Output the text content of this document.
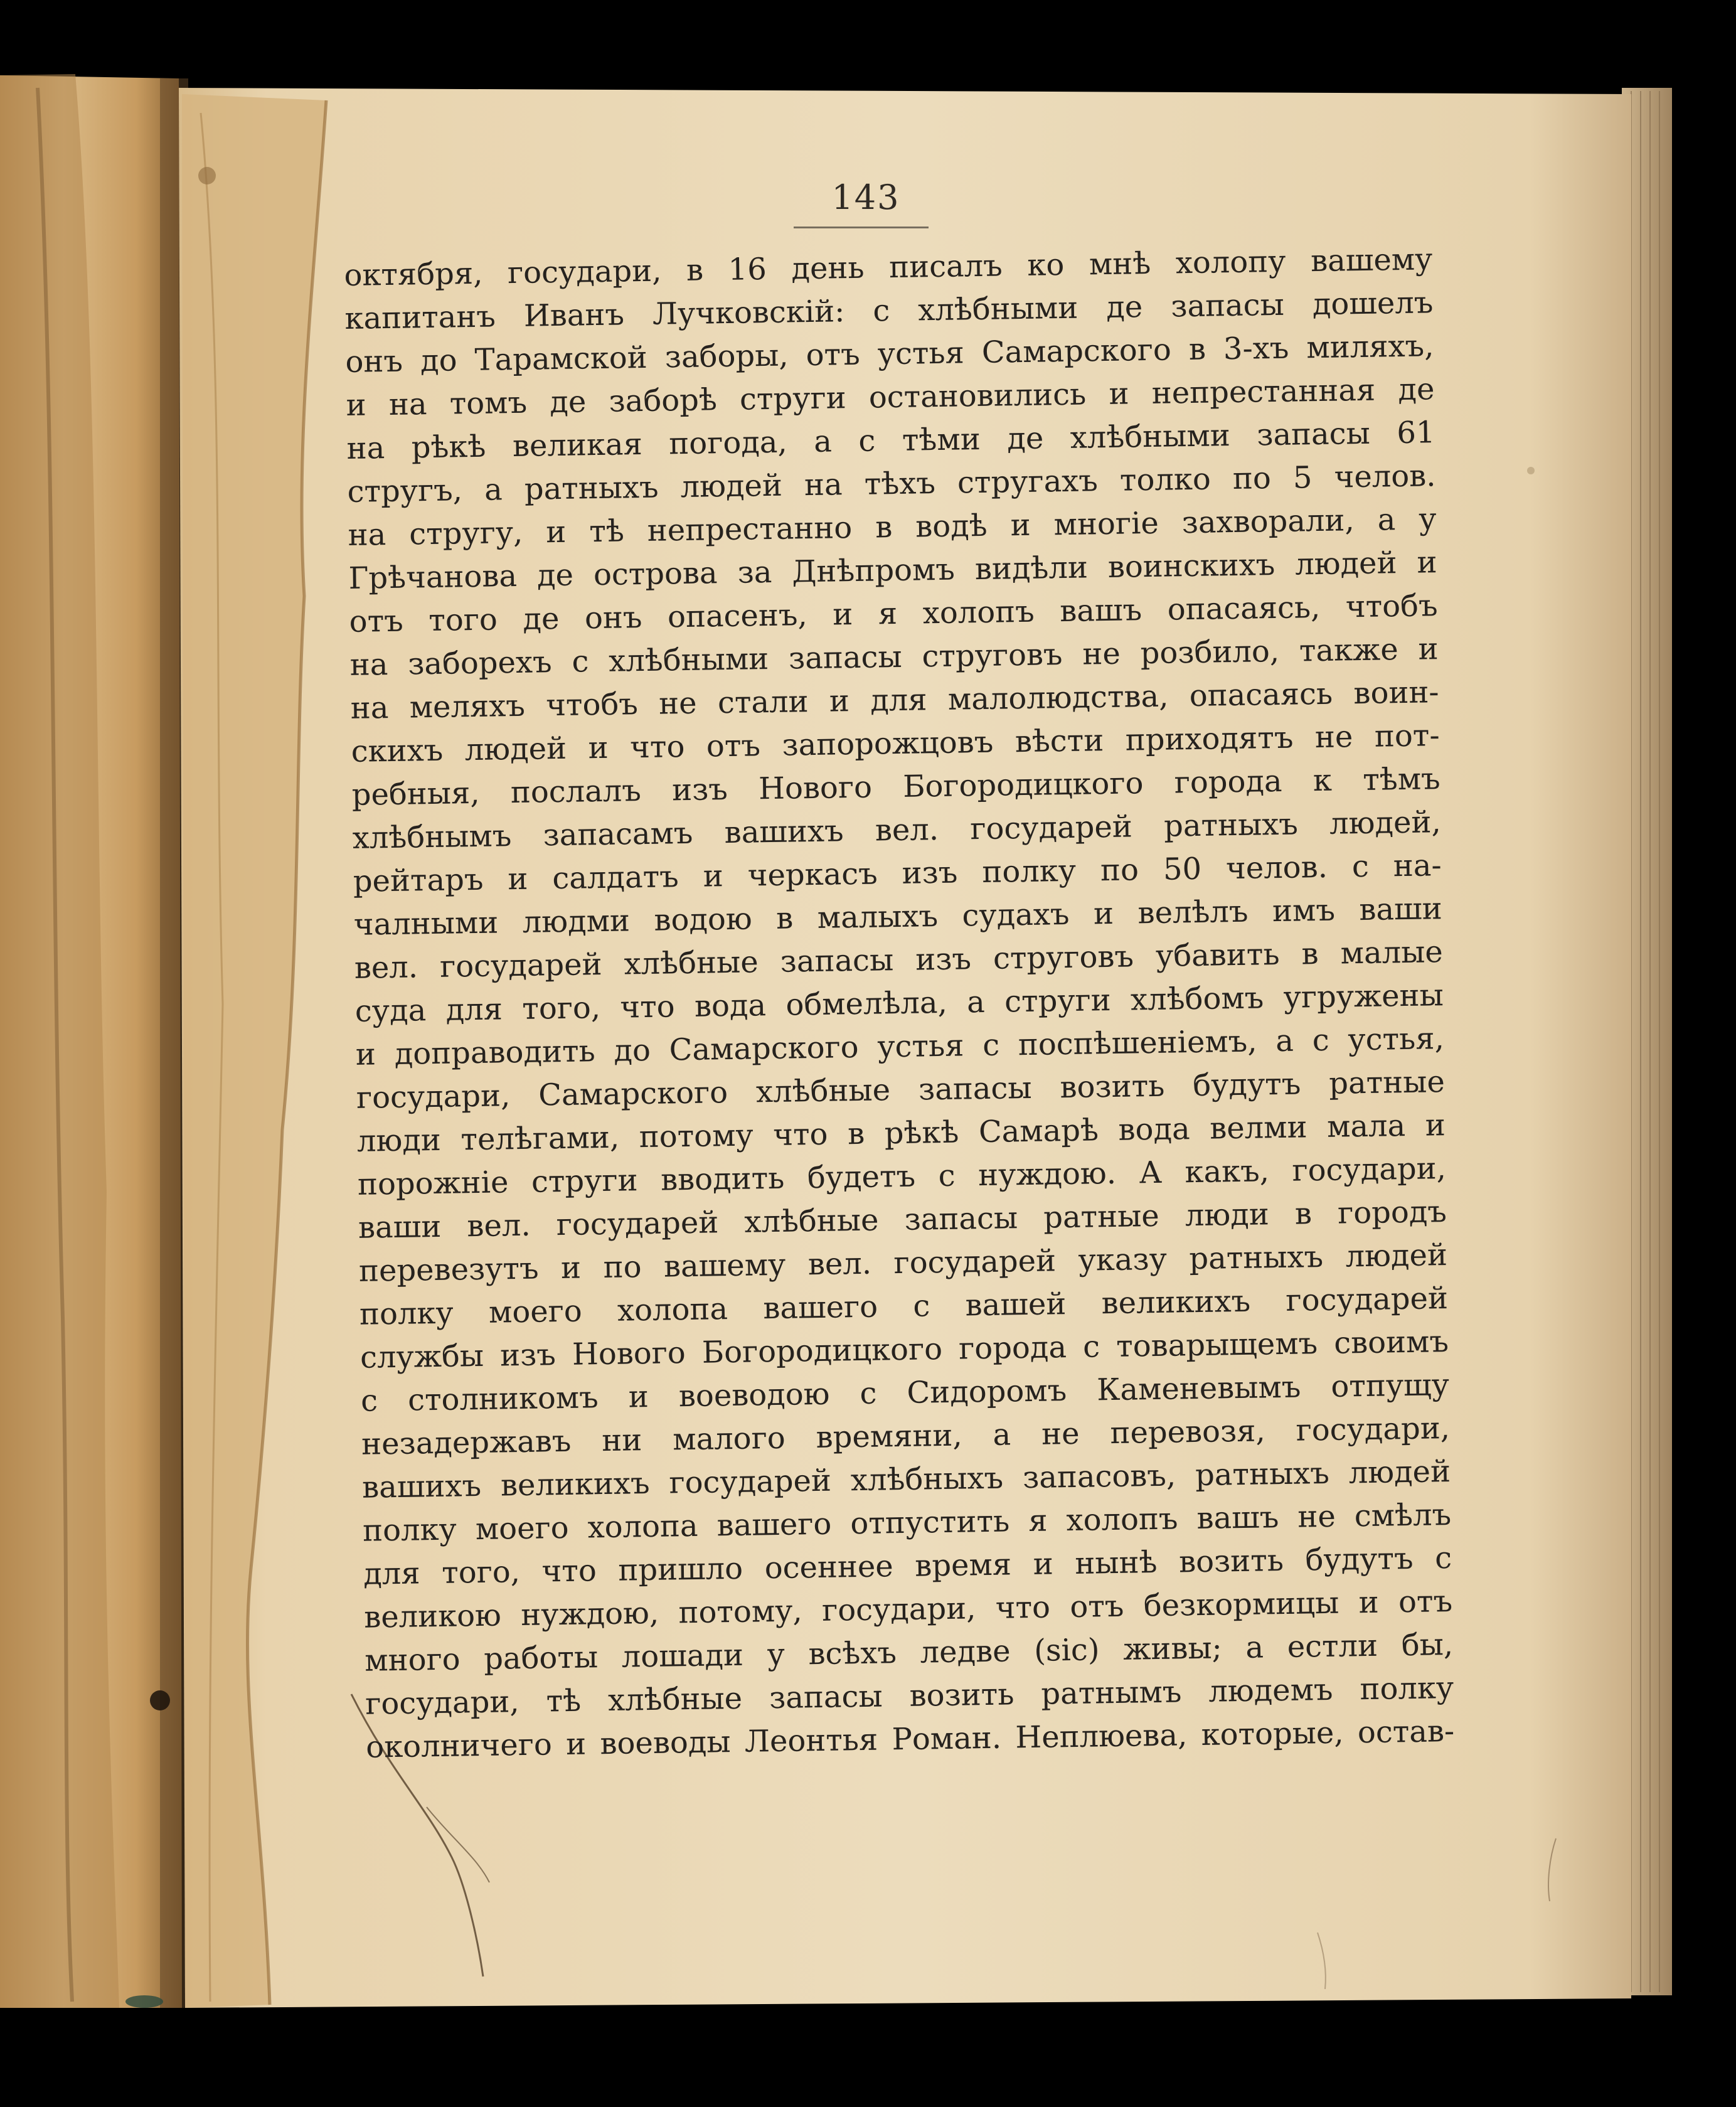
143
октября, государи, в 16 день писалъ ко мнѣ холопу вашему
капитанъ Иванъ Лучковскій: с хлѣбными де запасы дошелъ
онъ до Тарамской заборы, отъ устья Самарского в 3-хъ миляхъ,
и на томъ де заборѣ струги остановились и непрестанная де
на рѣкѣ великая погода, а с тѣми де хлѣбными запасы 61
стругъ, а ратныхъ людей на тѣхъ стругахъ толко по 5 челов.
на стругу, и тѣ непрестанно в водѣ и многіе захворали, а у
Грѣчанова де острова за Днѣпромъ видѣли воинскихъ людей и
отъ того де онъ опасенъ, и я холопъ вашъ опасаясь, чтобъ
на заборехъ с хлѣбными запасы струговъ не розбило, также и
на меляхъ чтобъ не стали и для малолюдства, опасаясь воин-
скихъ людей и что отъ запорожцовъ вѣсти приходятъ не пот-
ребныя, послалъ изъ Нового Богородицкого города к тѣмъ
хлѣбнымъ запасамъ вашихъ вел. государей ратныхъ людей,
рейтаръ и салдатъ и черкасъ изъ полку по 50 челов. с на-
чалными людми водою в малыхъ судахъ и велѣлъ имъ ваши
вел. государей хлѣбные запасы изъ струговъ убавить в малые
суда для того, что вода обмелѣла, а струги хлѣбомъ угружены
и доправодить до Самарского устья с поспѣшеніемъ, а с устья,
государи, Самарского хлѣбные запасы возить будутъ ратные
люди телѣгами, потому что в рѣкѣ Самарѣ вода велми мала и
порожніе струги вводить будетъ с нуждою. А какъ, государи,
ваши вел. государей хлѣбные запасы ратные люди в городъ
перевезутъ и по вашему вел. государей указу ратныхъ людей
полку моего холопа вашего с вашей великихъ государей
службы изъ Нового Богородицкого города с товарыщемъ своимъ
с столникомъ и воеводою с Сидоромъ Каменевымъ отпущу
незадержавъ ни малого времяни, а не перевозя, государи,
вашихъ великихъ государей хлѣбныхъ запасовъ, ратныхъ людей
полку моего холопа вашего отпустить я холопъ вашъ не смѣлъ
для того, что пришло осеннее время и нынѣ возить будутъ с
великою нуждою, потому, государи, что отъ безкормицы и отъ
много работы лошади у всѣхъ ледве (sic) живы; а естли бы,
государи, тѣ хлѣбные запасы возить ратнымъ людемъ полку
околничего и воеводы Леонтья Роман. Неплюева, которые, остав-
